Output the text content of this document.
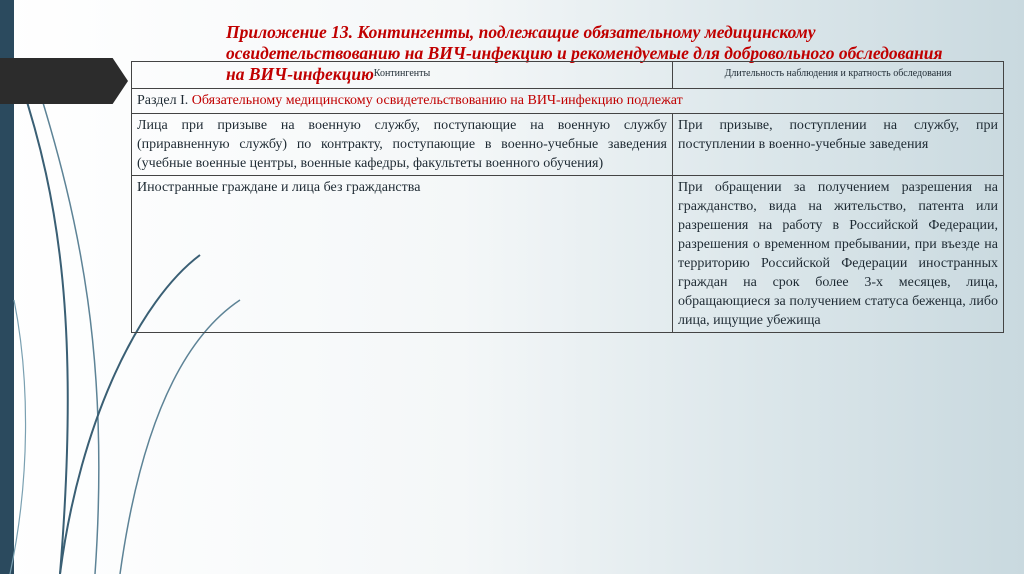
Приложение 13. Контингенты, подлежащие обязательному медицинскому освидетельствованию на ВИЧ-инфекцию и рекомендуемые для добровольного обследования на ВИЧ-инфекцию Контингенты	Длительность наблюдения и кратность обследования
Раздел I. Обязательному медицинскому освидетельствованию на ВИЧ-инфекцию подлежат	
Лица при призыве на военную службу, поступающие на военную службу (приравненную службу) по контракту, поступающие в военно-учебные заведения (учебные военные центры, военные кафедры, факультеты военного обучения)	При призыве, поступлении на службу, при поступлении в военно-учебные заведения
Иностранные граждане и лица без гражданства	При обращении за получением разрешения на гражданство, вида на жительство, патента или разрешения на работу в Российской Федерации, разрешения о временном пребывании, при въезде на территорию Российской Федерации иностранных граждан на срок более 3-х месяцев, лица, обращающиеся за получением статуса беженца, либо лица, ищущие убежища
